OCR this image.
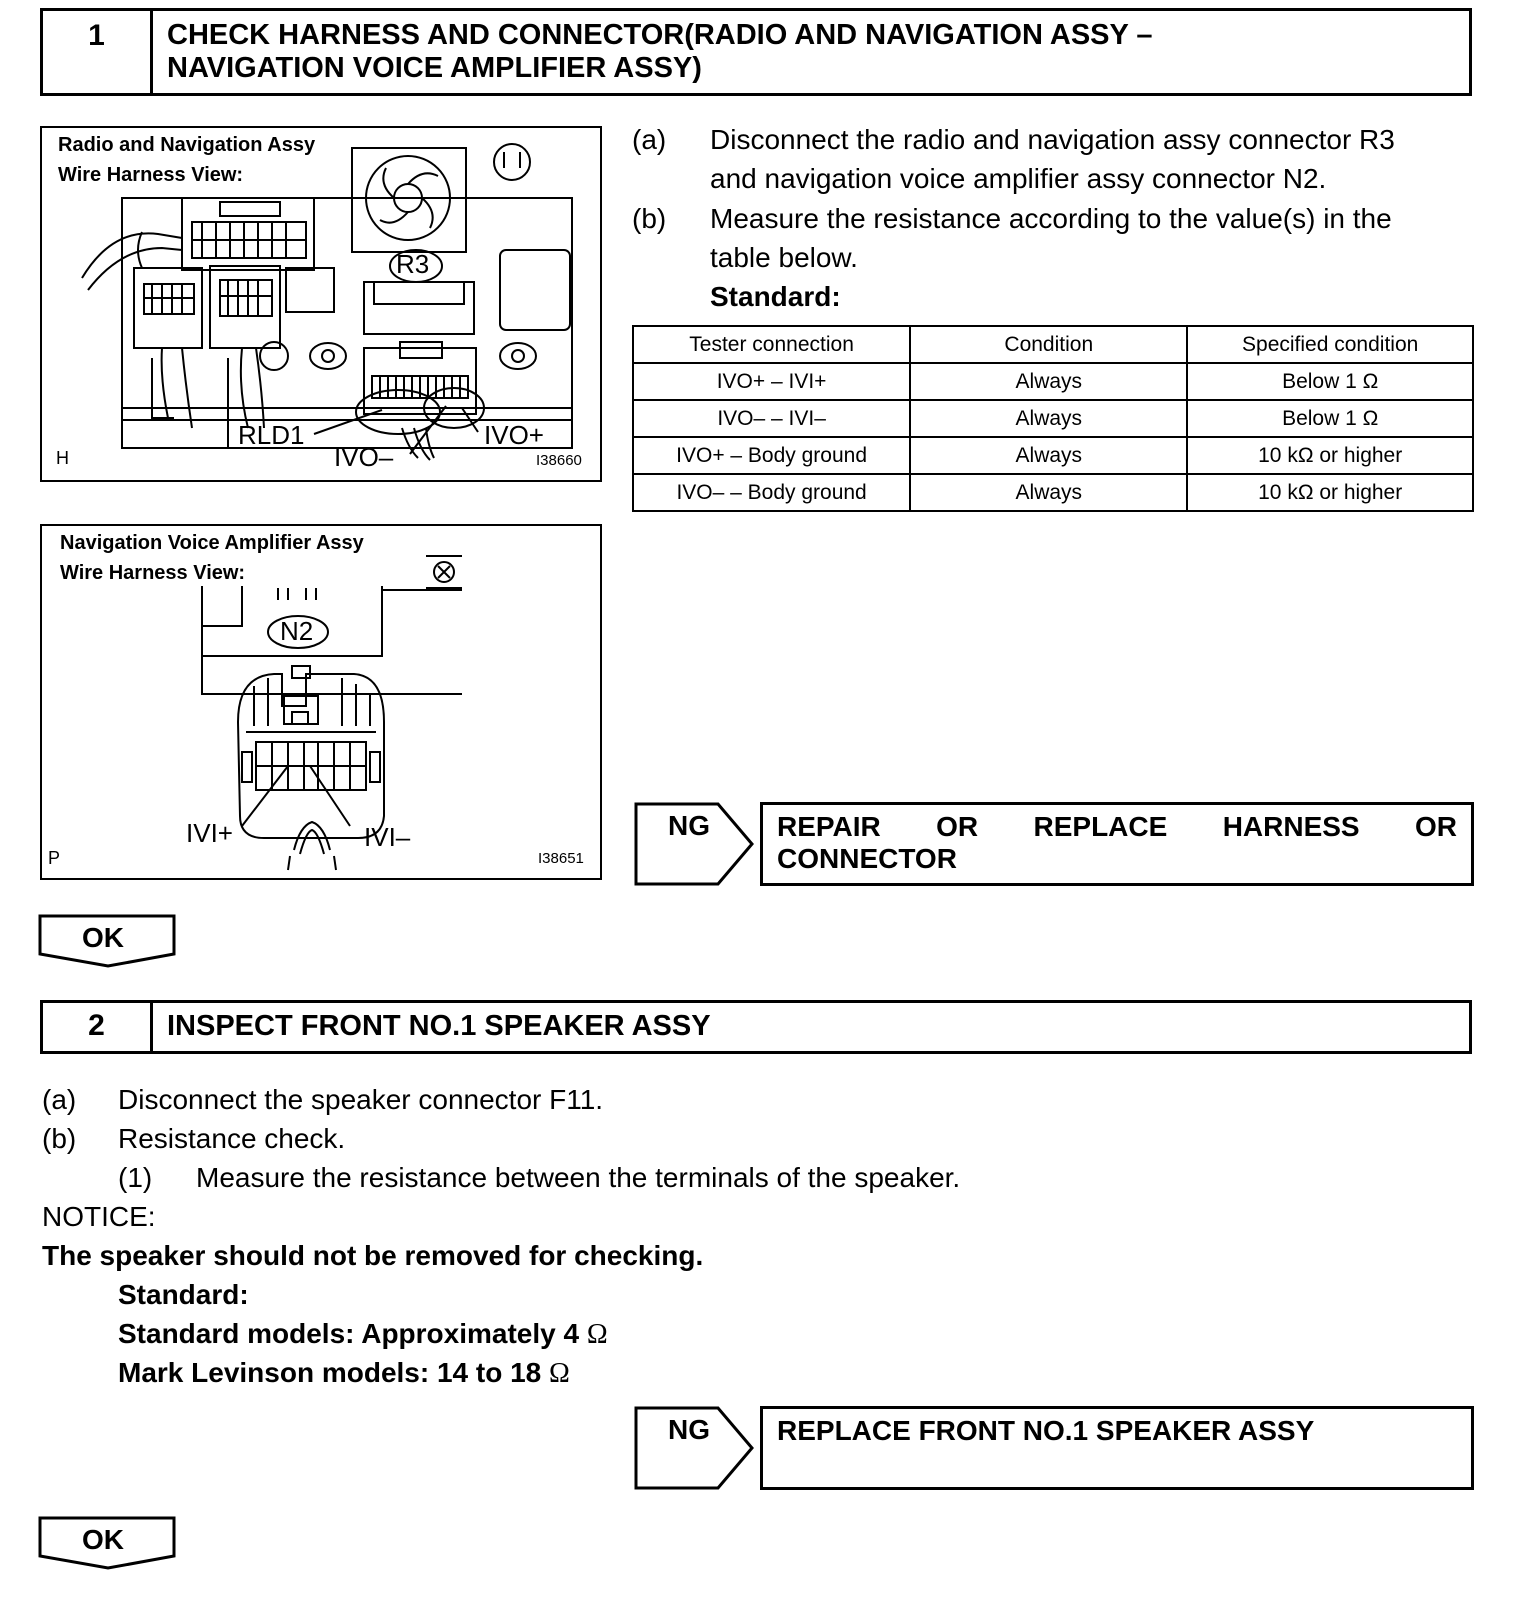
1	CHECK HARNESS AND CONNECTOR(RADIO AND NAVIGATION ASSY –
NAVIGATION VOICE AMPLIFIER ASSY)
Radio and Navigation Assy
Wire Harness View:
R3
RLD1
IVO–
IVO+
H	I38660
Navigation Voice Amplifier Assy
Wire Harness View:
N2
IVI+	IVI–
P	I38651
(a) Disconnect the radio and navigation assy connector R3
and navigation voice amplifier assy connector N2.
(b) Measure the resistance according to the value(s) in the
table below.
Standard:
Tester connection	Condition	Specified condition
IVO+ – IVI+	Always	Below 1 Ω
IVO– – IVI–	Always	Below 1 Ω
IVO+ – Body ground	Always	10 kΩ or higher
IVO– – Body ground	Always	10 kΩ or higher
NG REPAIR OR REPLACE HARNESS OR
CONNECTOR
OK
2	INSPECT FRONT NO.1 SPEAKER ASSY
(a) Disconnect the speaker connector F11.
(b) Resistance check.
(1) Measure the resistance between the terminals of the speaker.
NOTICE:
The speaker should not be removed for checking.
Standard:
Standard models: Approximately 4 Ω
Mark Levinson models: 14 to 18 Ω
NG REPLACE FRONT NO.1 SPEAKER ASSY
OK
